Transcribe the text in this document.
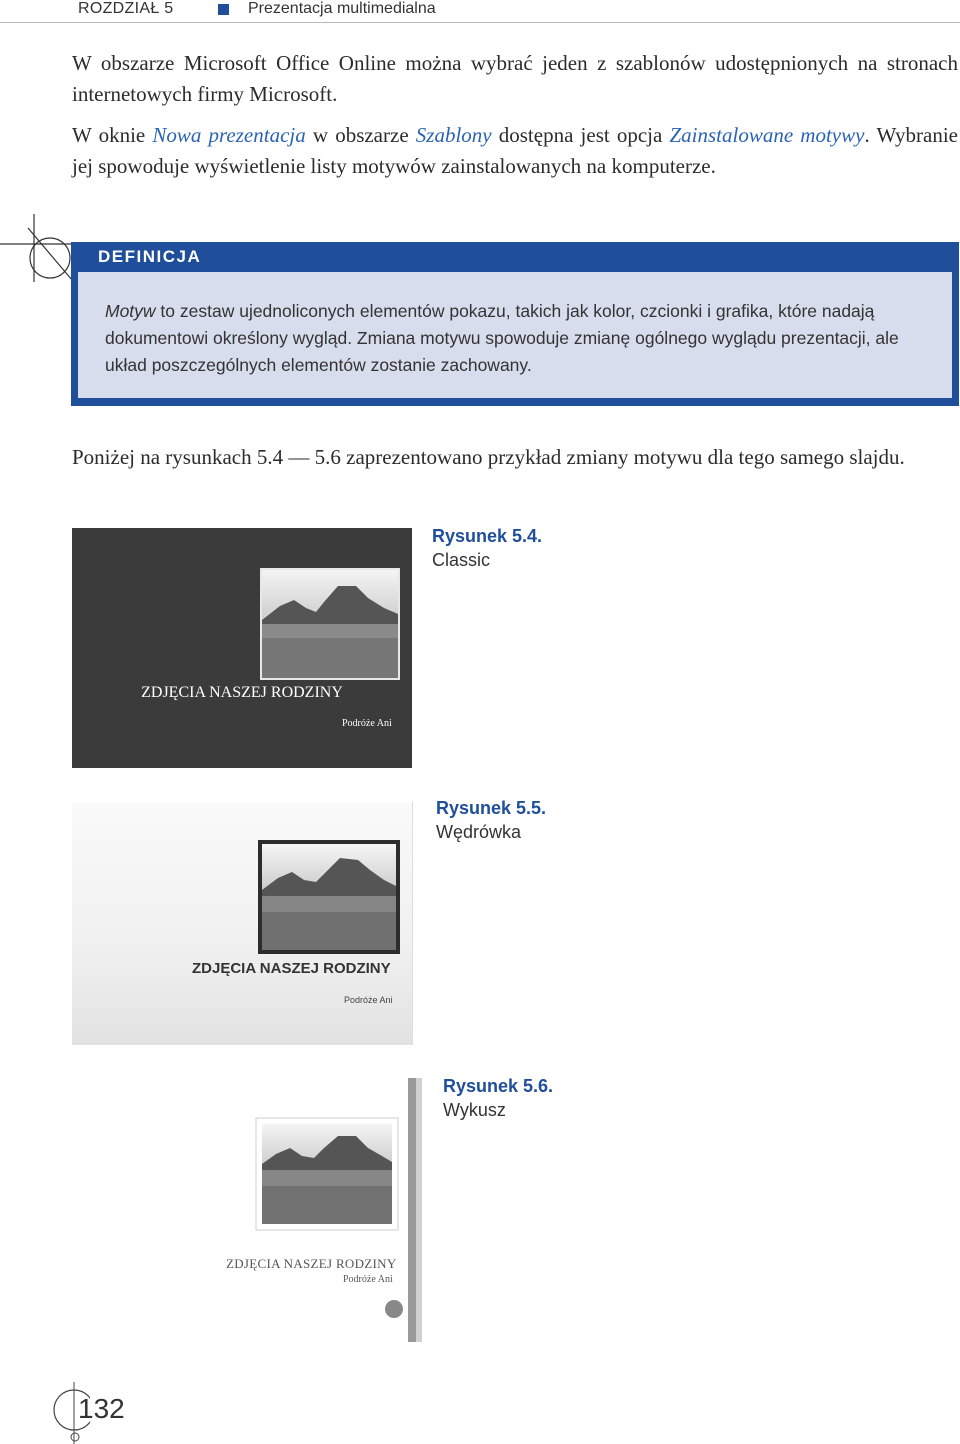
ROZDZIAŁ 5	Prezentacja multimedialna

W obszarze Microsoft Office Online można wybrać jeden z szablonów udostępnionych na stronach internetowych firmy Microsoft.

W oknie Nowa prezentacja w obszarze Szablony dostępna jest opcja Zainstalowane motywy. Wybranie jej spowoduje wyświetlenie listy motywów zainstalowanych na komputerze.

DEFINICJA

Motyw to zestaw ujednoliconych elementów pokazu, takich jak kolor, czcionki i grafika, które nadają dokumentowi określony wygląd. Zmiana motywu spowoduje zmianę ogólnego wyglądu prezentacji, ale układ poszczególnych elementów zostanie zachowany.

Poniżej na rysunkach 5.4 — 5.6 zaprezentowano przykład zmiany motywu dla tego samego slajdu.

ZDJĘCIA NASZEJ RODZINY
Podróże Ani
Rysunek 5.4.
Classic
ZDJĘCIA NASZEJ RODZINY
Podróże Ani
Rysunek 5.5.
Wędrówka
ZDJĘCIA NASZEJ RODZINY
Podróże Ani
Rysunek 5.6.
Wykusz
132
